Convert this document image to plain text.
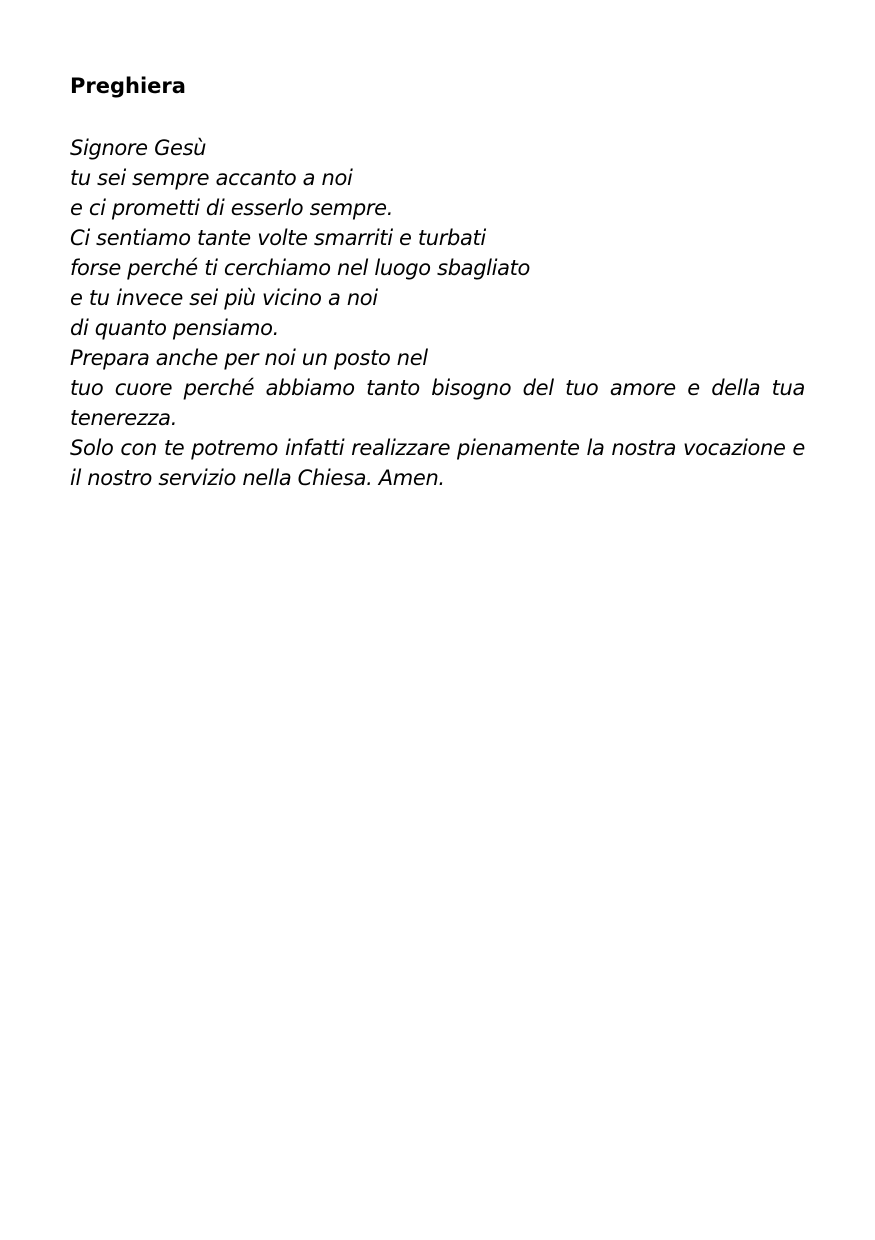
Preghiera
Signore Gesù
tu sei sempre accanto a noi
e ci prometti di esserlo sempre.
Ci sentiamo tante volte smarriti e turbati
forse perché ti cerchiamo nel luogo sbagliato
e tu invece sei più vicino a noi
di quanto pensiamo.
Prepara anche per noi un posto nel
tuo cuore perché abbiamo tanto bisogno del tuo amore e della tua tenerezza.
Solo con te potremo infatti realizzare pienamente la nostra vocazione e il nostro servizio nella Chiesa. Amen.
